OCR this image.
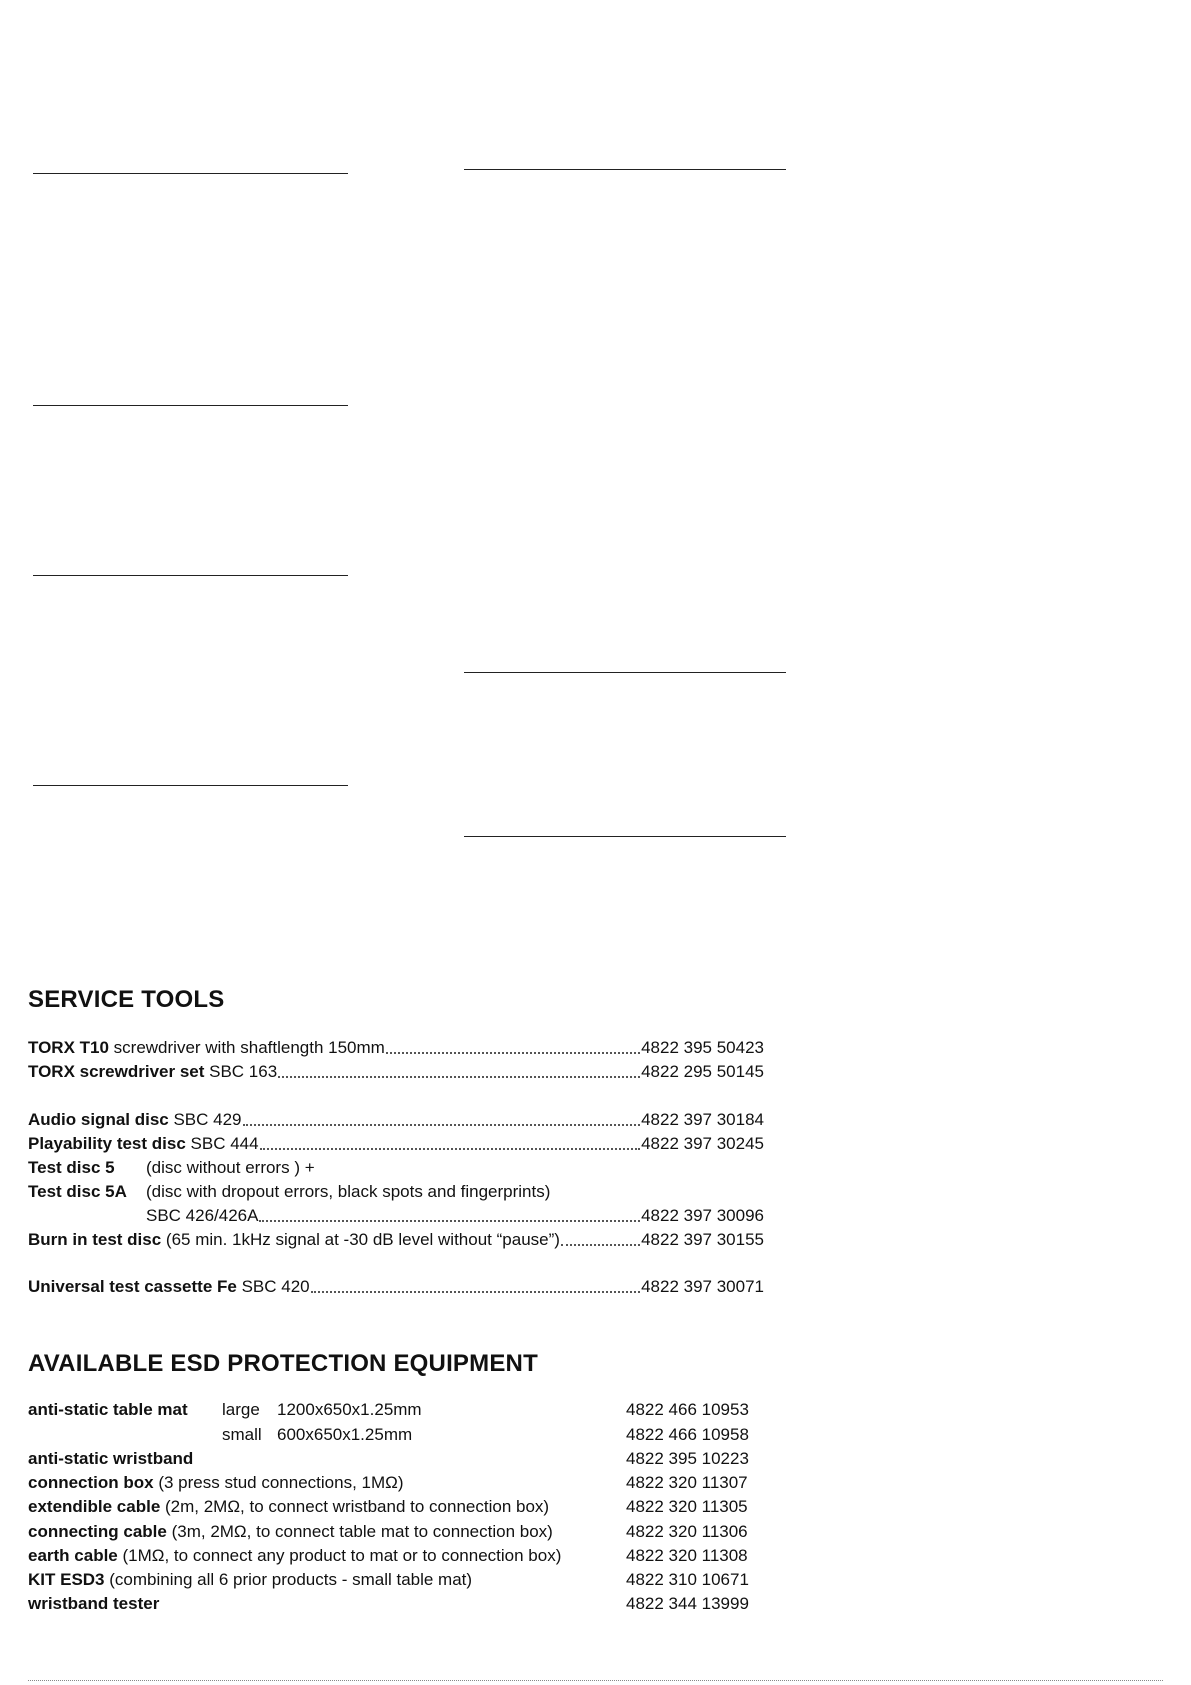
SERVICE TOOLS
TORX T10 screwdriver with shaftlength 150mm	4822 395 50423
TORX screwdriver set SBC 163	4822 295 50145
Audio signal disc SBC 429	4822 397 30184
Playability test disc SBC 444	4822 397 30245
Test disc 5 (disc without errors ) +
Test disc 5A (disc with dropout errors, black spots and fingerprints)
SBC 426/426A	4822 397 30096
Burn in test disc (65 min. 1kHz signal at -30 dB level without “pause”)	4822 397 30155
Universal test cassette Fe SBC 420	4822 397 30071
AVAILABLE ESD PROTECTION EQUIPMENT
anti-static table mat large 1200x650x1.25mm	4822 466 10953
small 600x650x1.25mm	4822 466 10958
anti-static wristband	4822 395 10223
connection box (3 press stud connections, 1MΩ)	4822 320 11307
extendible cable (2m, 2MΩ, to connect wristband to connection box)	4822 320 11305
connecting cable (3m, 2MΩ, to connect table mat to connection box)	4822 320 11306
earth cable (1MΩ, to connect any product to mat or to connection box)	4822 320 11308
KIT ESD3 (combining all 6 prior products - small table mat)	4822 310 10671
wristband tester	4822 344 13999
